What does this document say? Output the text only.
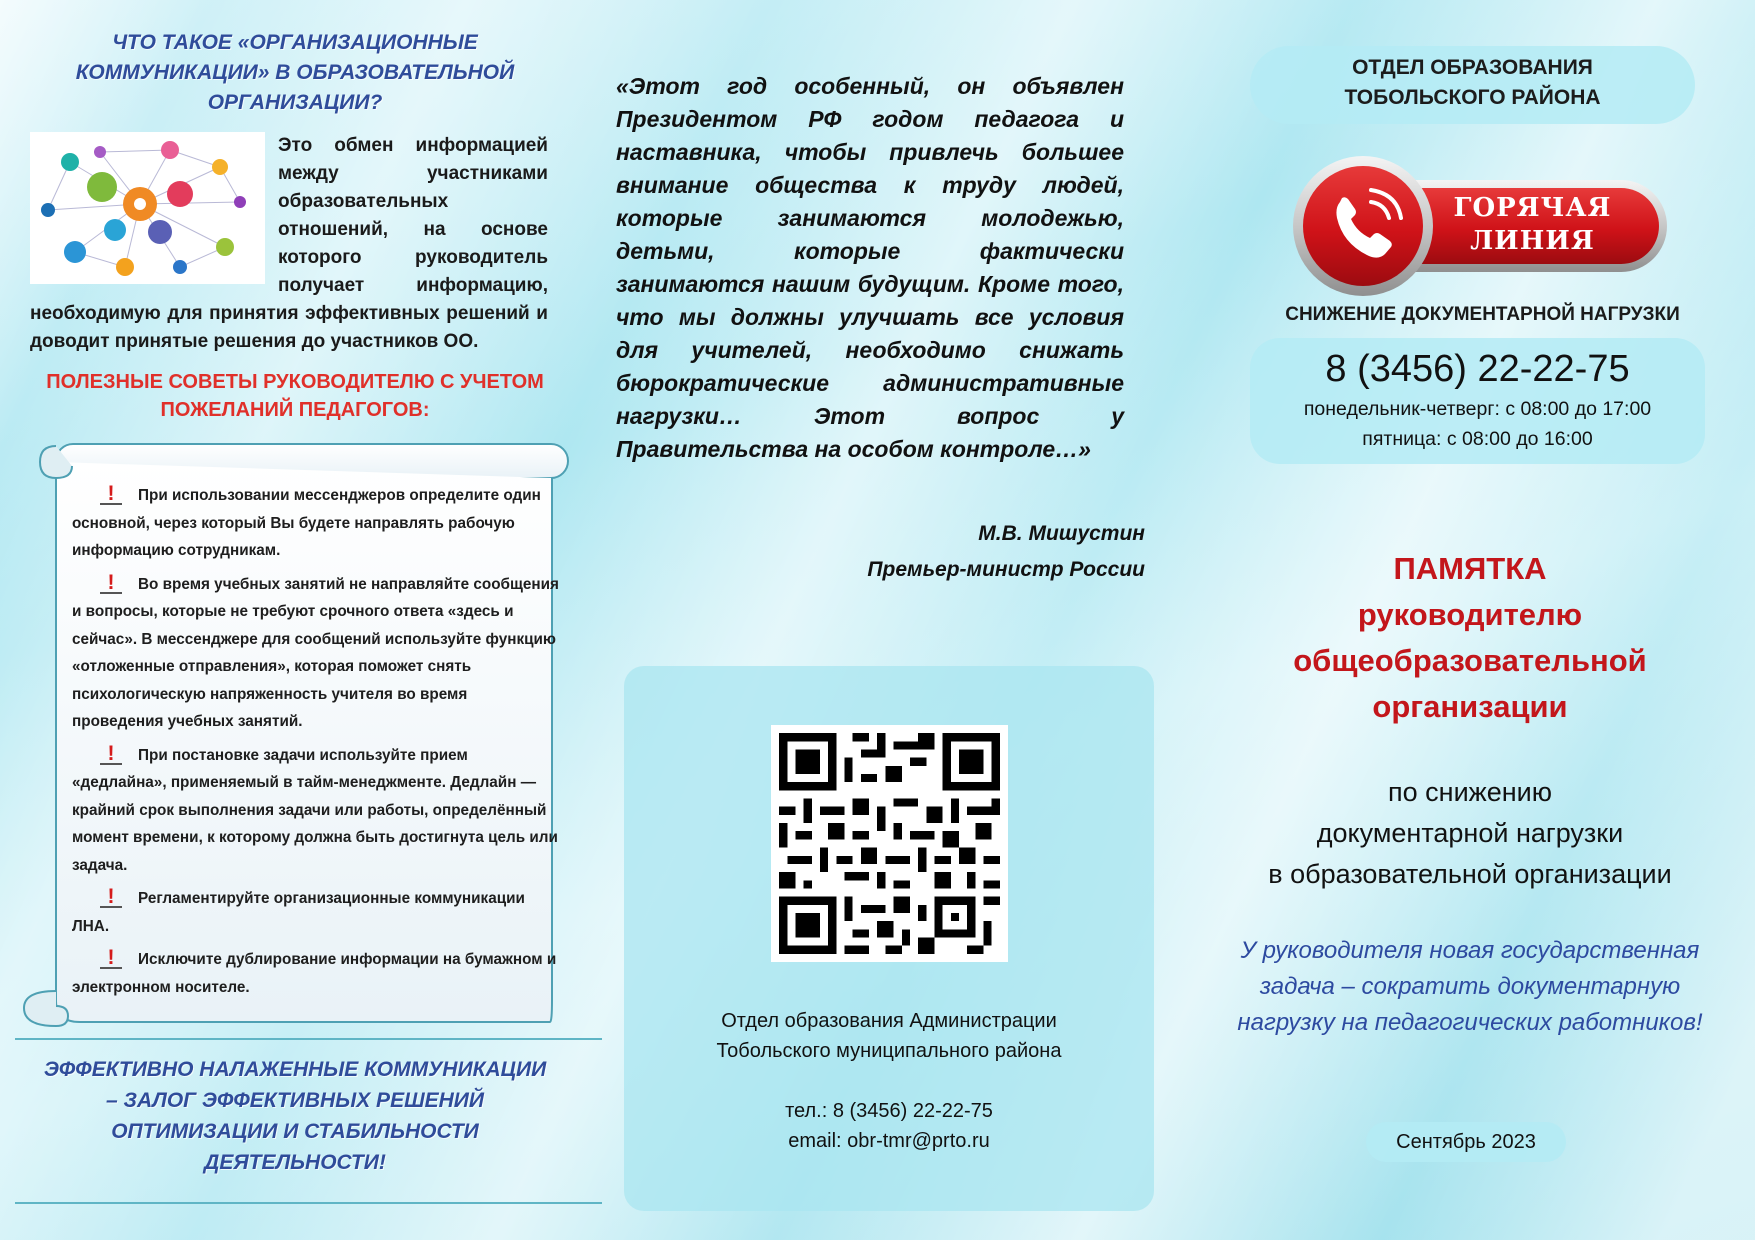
ЧТО ТАКОЕ «ОРГАНИЗАЦИОННЫЕ КОММУНИКАЦИИ» В ОБРАЗОВАТЕЛЬНОЙ ОРГАНИЗАЦИИ?
Это обмен информацией между участниками образовательных отношений, на основе которого руководитель получает информацию, необходимую для принятия эффективных решений и доводит принятые решения до участников ОО.
ПОЛЕЗНЫЕ СОВЕТЫ РУКОВОДИТЕЛЮ С УЧЕТОМ ПОЖЕЛАНИЙ ПЕДАГОГОВ:
! При использовании мессенджеров определите один основной, через который Вы будете направлять рабочую информацию сотрудникам.
! Во время учебных занятий не направляйте сообщения и вопросы, которые не требуют срочного ответа «здесь и сейчас». В мессенджере для сообщений используйте функцию «отложенные отправления», которая поможет снять психологическую напряженность учителя во время проведения учебных занятий.
! При постановке задачи используйте прием «дедлайна», применяемый в тайм-менеджменте. Дедлайн — крайний срок выполнения задачи или работы, определённый момент времени, к которому должна быть достигнута цель или задача.
! Регламентируйте организационные коммуникации ЛНА.
! Исключите дублирование информации на бумажном и электронном носителе.
ЭФФЕКТИВНО НАЛАЖЕННЫЕ КОММУНИКАЦИИ – ЗАЛОГ ЭФФЕКТИВНЫХ РЕШЕНИЙ ОПТИМИЗАЦИИ И СТАБИЛЬНОСТИ ДЕЯТЕЛЬНОСТИ!
«Этот год особенный, он объявлен Президентом РФ годом педагога и наставника, чтобы привлечь большее внимание общества к труду людей, которые занимаются молодежью, детьми, которые фактически занимаются нашим будущим. Кроме того, что мы должны улучшать все условия для учителей, необходимо снижать бюрократические административные нагрузки… Этот вопрос у Правительства на особом контроле…»
М.В. Мишустин
Премьер-министр России
Отдел образования Администрации
Тобольского муниципального района
тел.: 8 (3456) 22-22-75
email: obr-tmr@prto.ru
ОТДЕЛ ОБРАЗОВАНИЯ
ТОБОЛЬСКОГО РАЙОНА
ГОРЯЧАЯ
ЛИНИЯ
СНИЖЕНИЕ ДОКУМЕНТАРНОЙ НАГРУЗКИ
8 (3456) 22-22-75
понедельник-четверг: с 08:00 до 17:00
пятница: с 08:00 до 16:00
ПАМЯТКА
руководителю
общеобразовательной
организации
по снижению
документарной нагрузки
в образовательной организации
У руководителя новая государственная задача – сократить документарную нагрузку на педагогических работников!
Сентябрь 2023
